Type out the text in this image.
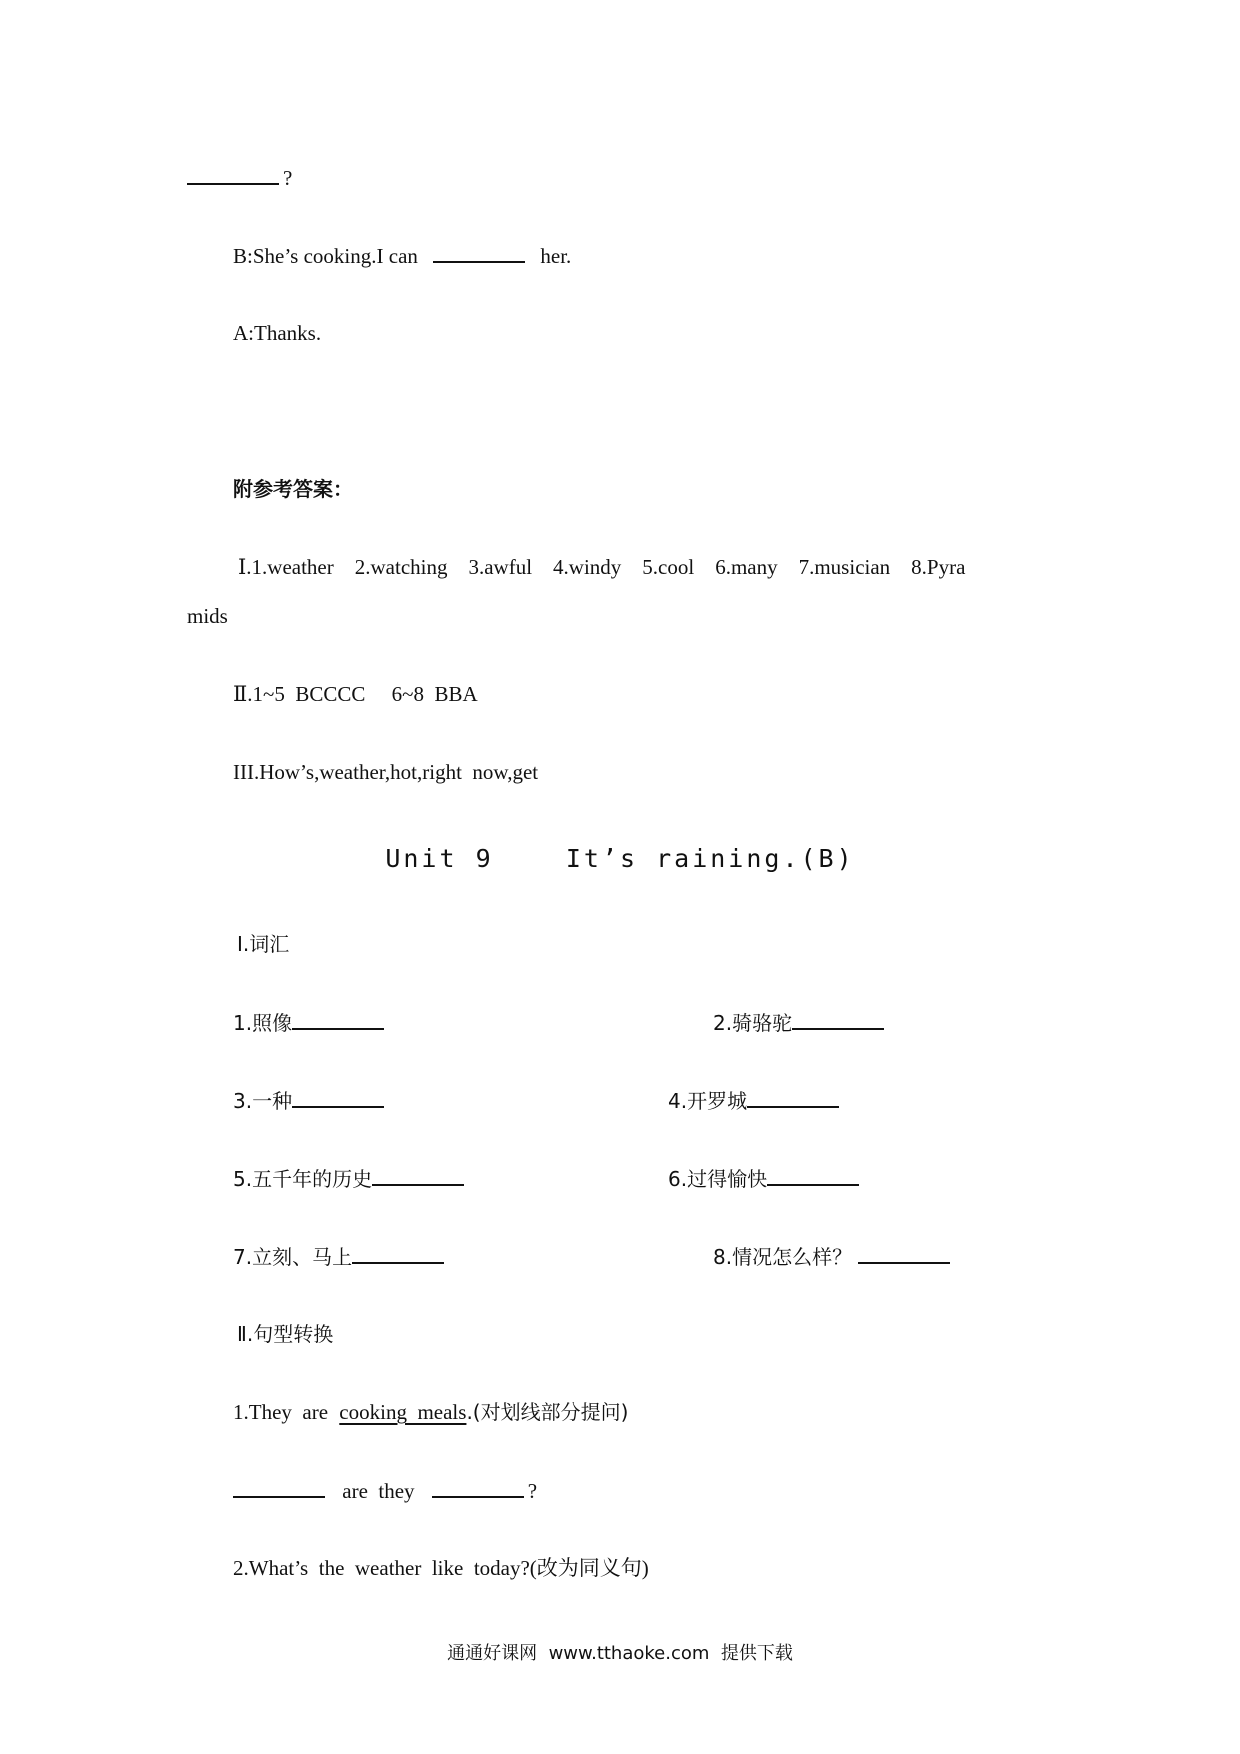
?
B:She’s cooking.I can	her.
A:Thanks.
附参考答案：
Ⅰ.1.weather    2.watching    3.awful    4.windy    5.cool    6.many    7.musician    8.Pyra
mids
Ⅱ.1~5  BCCCC     6~8  BBA
III.How’s,weather,hot,right  now,get
Unit 9    It’s raining.(B)
Ⅰ.词汇
1.照像	2.骑骆驼
3.一种	4.开罗城
5.五千年的历史	6.过得愉快
7.立刻、马上	8.情况怎么样？
Ⅱ.句型转换
1.They  are cooking  meals.(对划线部分提问)
are  they	?
2.What’s  the  weather  like  today?(改为同义句)
通通好课网  www.tthaoke.com  提供下载
